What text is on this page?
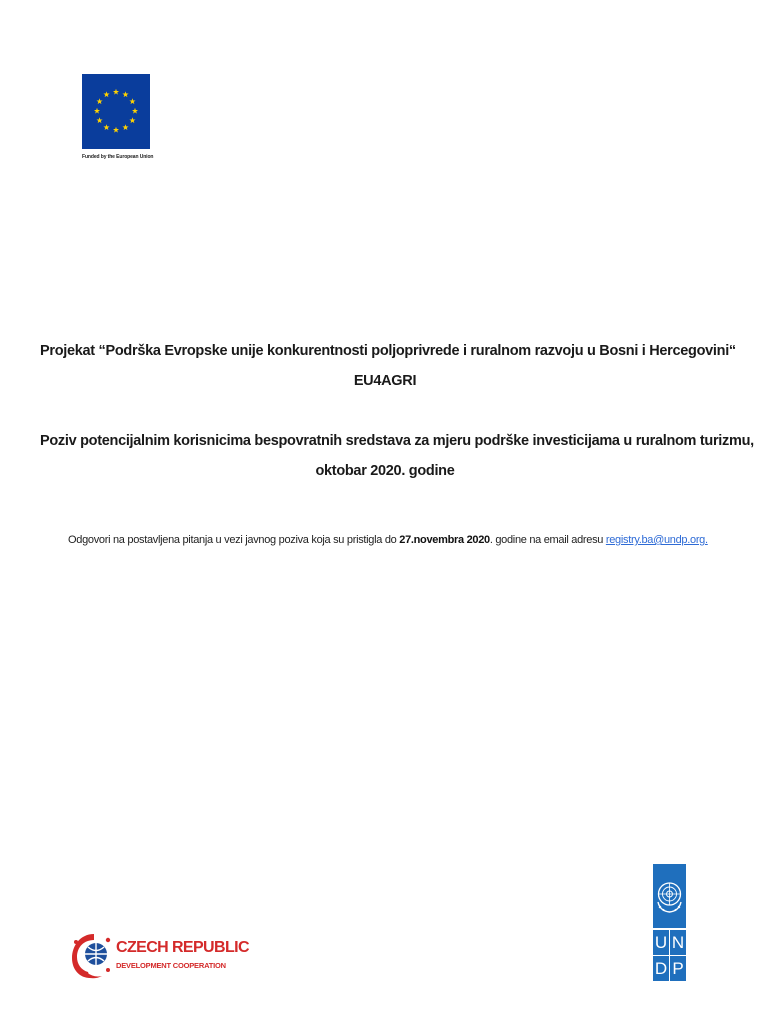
Funded by the European Union
Projekat “Podrška Evropske unije konkurentnosti poljoprivrede i ruralnom razvoju u Bosni i Hercegovini“
EU4AGRI
Poziv potencijalnim korisnicima bespovratnih sredstava za mjeru podrške investicijama u ruralnom turizmu,
oktobar 2020. godine
Odgovori na postavljena pitanja u vezi javnog poziva koja su pristigla do 27.novembra 2020. godine na email adresu registry.ba@undp.org.
CZECH REPUBLIC
DEVELOPMENT COOPERATION
U N
D P
